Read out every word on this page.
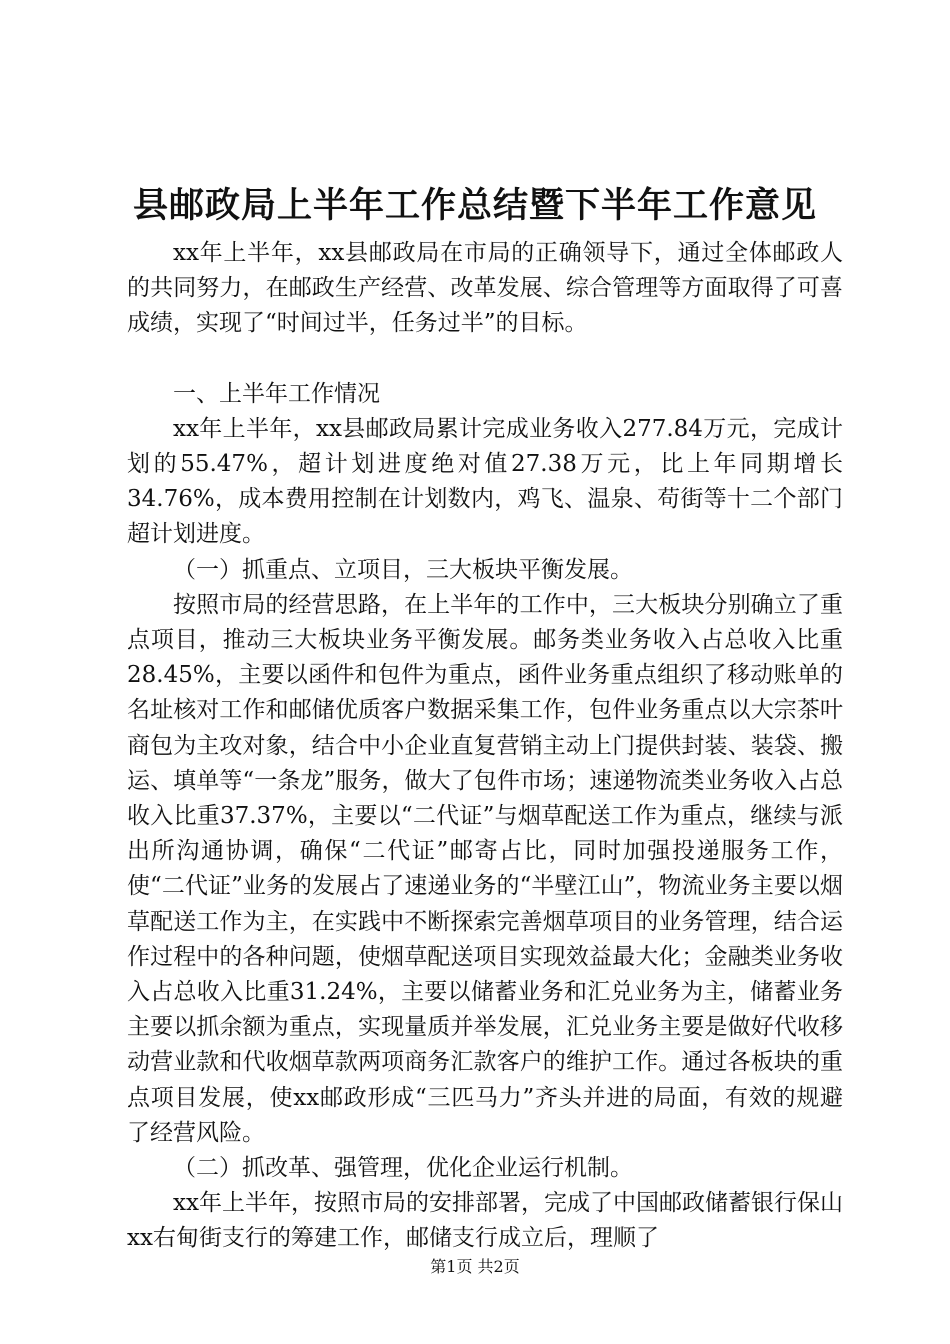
县邮政局上半年工作总结暨下半年工作意见

xx年上半年，xx县邮政局在市局的正确领导下，通过全体邮政人的共同努力，在邮政生产经营、改革发展、综合管理等方面取得了可喜成绩，实现了“时间过半，任务过半”的目标。

一、上半年工作情况

xx年上半年，xx县邮政局累计完成业务收入277.84万元，完成计划的55.47%，超计划进度绝对值27.38万元，比上年同期增长34.76%，成本费用控制在计划数内，鸡飞、温泉、苟街等十二个部门超计划进度。

（一）抓重点、立项目，三大板块平衡发展。

按照市局的经营思路，在上半年的工作中，三大板块分别确立了重点项目，推动三大板块业务平衡发展。邮务类业务收入占总收入比重28.45%，主要以函件和包件为重点，函件业务重点组织了移动账单的名址核对工作和邮储优质客户数据采集工作，包件业务重点以大宗茶叶商包为主攻对象，结合中小企业直复营销主动上门提供封装、装袋、搬运、填单等“一条龙”服务，做大了包件市场；速递物流类业务收入占总收入比重37.37%，主要以“二代证”与烟草配送工作为重点，继续与派出所沟通协调，确保“二代证”邮寄占比，同时加强投递服务工作，使“二代证”业务的发展占了速递业务的“半壁江山”，物流业务主要以烟草配送工作为主，在实践中不断探索完善烟草项目的业务管理，结合运作过程中的各种问题，使烟草配送项目实现效益最大化；金融类业务收入占总收入比重31.24%，主要以储蓄业务和汇兑业务为主，储蓄业务主要以抓余额为重点，实现量质并举发展，汇兑业务主要是做好代收移动营业款和代收烟草款两项商务汇款客户的维护工作。通过各板块的重点项目发展，使xx邮政形成“三匹马力”齐头并进的局面，有效的规避了经营风险。

（二）抓改革、强管理，优化企业运行机制。

xx年上半年，按照市局的安排部署，完成了中国邮政储蓄银行保山xx右甸街支行的筹建工作，邮储支行成立后，理顺了

第1页 共2页
